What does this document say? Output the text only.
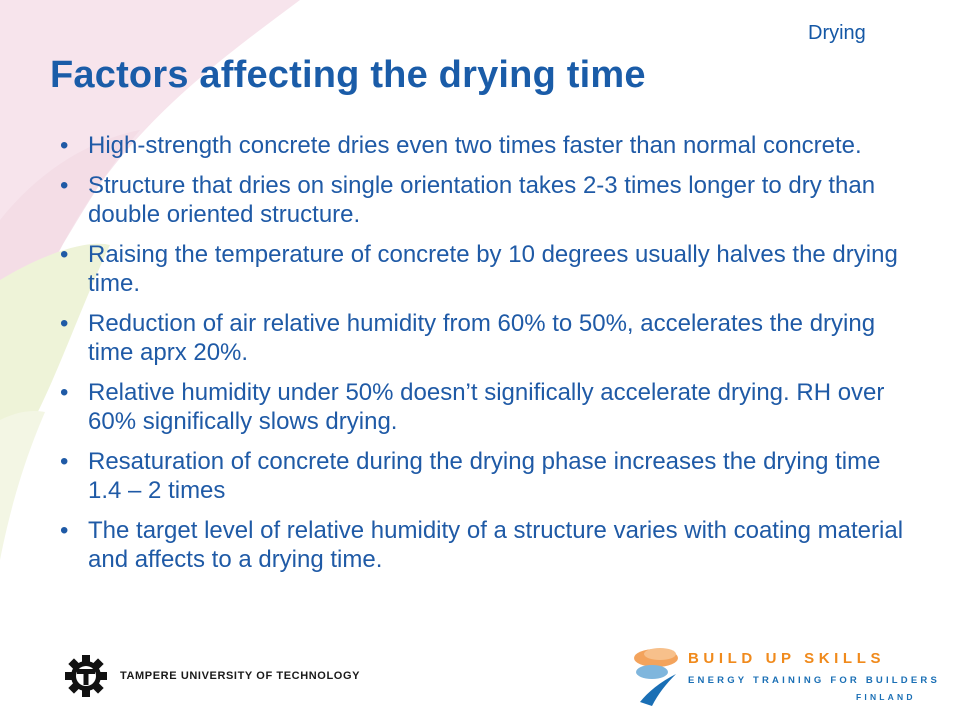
Drying
Factors affecting the drying time
• High-strength concrete dries even two times faster than normal concrete.
• Structure that dries on single orientation takes 2-3 times longer to dry than double oriented structure.
• Raising the temperature of concrete by 10 degrees usually halves the drying time.
• Reduction of air relative humidity from 60% to 50%, accelerates the drying time aprx 20%.
• Relative humidity under 50% doesn’t significally accelerate drying. RH over 60% significally slows drying.
• Resaturation of concrete during the drying phase increases the drying time 1.4 – 2 times
• The target level of relative humidity of a structure varies with coating material and affects to a drying time.
TAMPERE UNIVERSITY OF TECHNOLOGY
BUILD UP SKILLS
ENERGY TRAINING FOR BUILDERS
FINLAND
